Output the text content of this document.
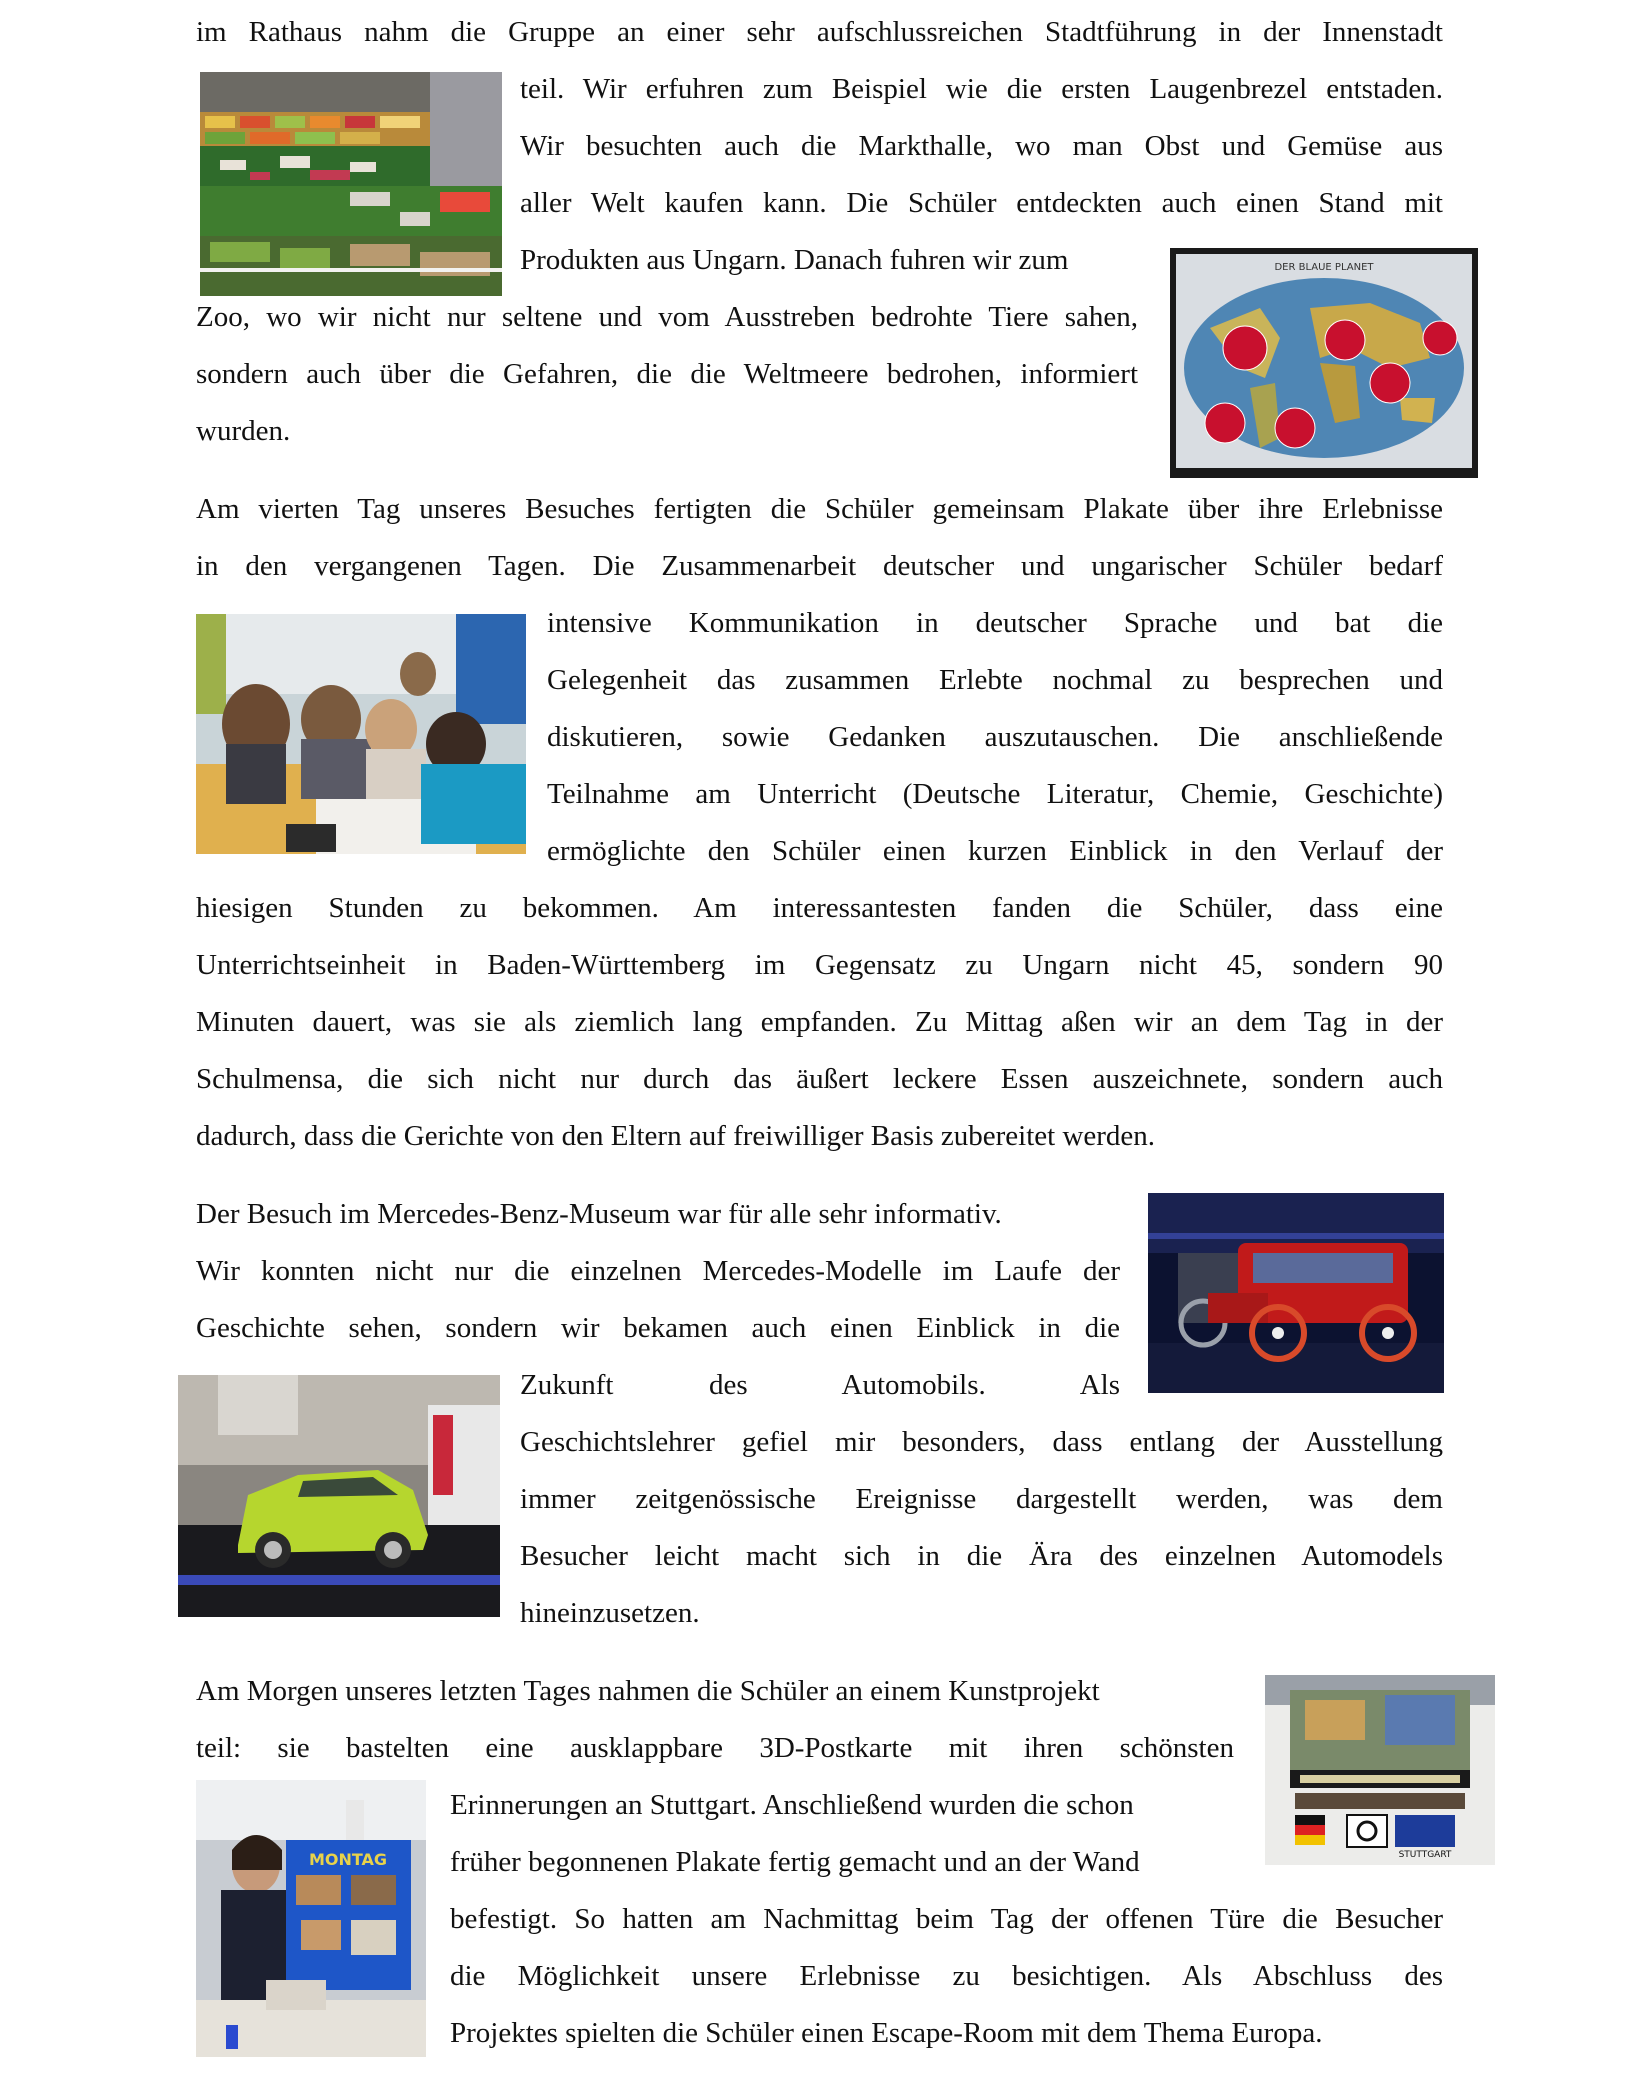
im Rathaus nahm die Gruppe an einer sehr aufschlussreichen Stadtführung in der Innenstadt
teil. Wir erfuhren zum Beispiel wie die ersten Laugenbrezel entstaden.
Wir besuchten auch die Markthalle, wo man Obst und Gemüse aus
aller Welt kaufen kann. Die Schüler entdeckten auch einen Stand mit
Produkten aus Ungarn. Danach fuhren wir zum
Zoo, wo wir nicht nur seltene und vom Ausstreben bedrohte Tiere sahen,
sondern auch über die Gefahren, die die Weltmeere bedrohen, informiert
wurden.
Am vierten Tag unseres Besuches fertigten die Schüler gemeinsam Plakate über ihre Erlebnisse
in den vergangenen Tagen. Die Zusammenarbeit deutscher und ungarischer Schüler bedarf
intensive Kommunikation in deutscher Sprache und bat die
Gelegenheit das zusammen Erlebte nochmal zu besprechen und
diskutieren, sowie Gedanken auszutauschen. Die anschließende
Teilnahme am Unterricht (Deutsche Literatur, Chemie, Geschichte)
ermöglichte den Schüler einen kurzen Einblick in den Verlauf der
hiesigen Stunden zu bekommen. Am interessantesten fanden die Schüler, dass eine
Unterrichtseinheit in Baden-Württemberg im Gegensatz zu Ungarn nicht 45, sondern 90
Minuten dauert, was sie als ziemlich lang empfanden. Zu Mittag aßen wir an dem Tag in der
Schulmensa, die sich nicht nur durch das äußert leckere Essen auszeichnete, sondern auch
dadurch, dass die Gerichte von den Eltern auf freiwilliger Basis zubereitet werden.
Der Besuch im Mercedes-Benz-Museum war für alle sehr informativ.
Wir konnten nicht nur die einzelnen Mercedes-Modelle im Laufe der
Geschichte sehen, sondern wir bekamen auch einen Einblick in die
Zukunft des Automobils. Als
Geschichtslehrer gefiel mir besonders, dass entlang der Ausstellung
immer zeitgenössische Ereignisse dargestellt werden, was dem
Besucher leicht macht sich in die Ära des einzelnen Automodels
hineinzusetzen.
Am Morgen unseres letzten Tages nahmen die Schüler an einem Kunstprojekt
teil: sie bastelten eine ausklappbare 3D-Postkarte mit ihren schönsten
Erinnerungen an Stuttgart. Anschließend wurden die schon
früher begonnenen Plakate fertig gemacht und an der Wand
befestigt. So hatten am Nachmittag beim Tag der offenen Türe die Besucher
die Möglichkeit unsere Erlebnisse zu besichtigen. Als Abschluss des
Projektes spielten die Schüler einen Escape-Room mit dem Thema Europa.
DER BLAUE PLANET
STUTTGART
MONTAG
